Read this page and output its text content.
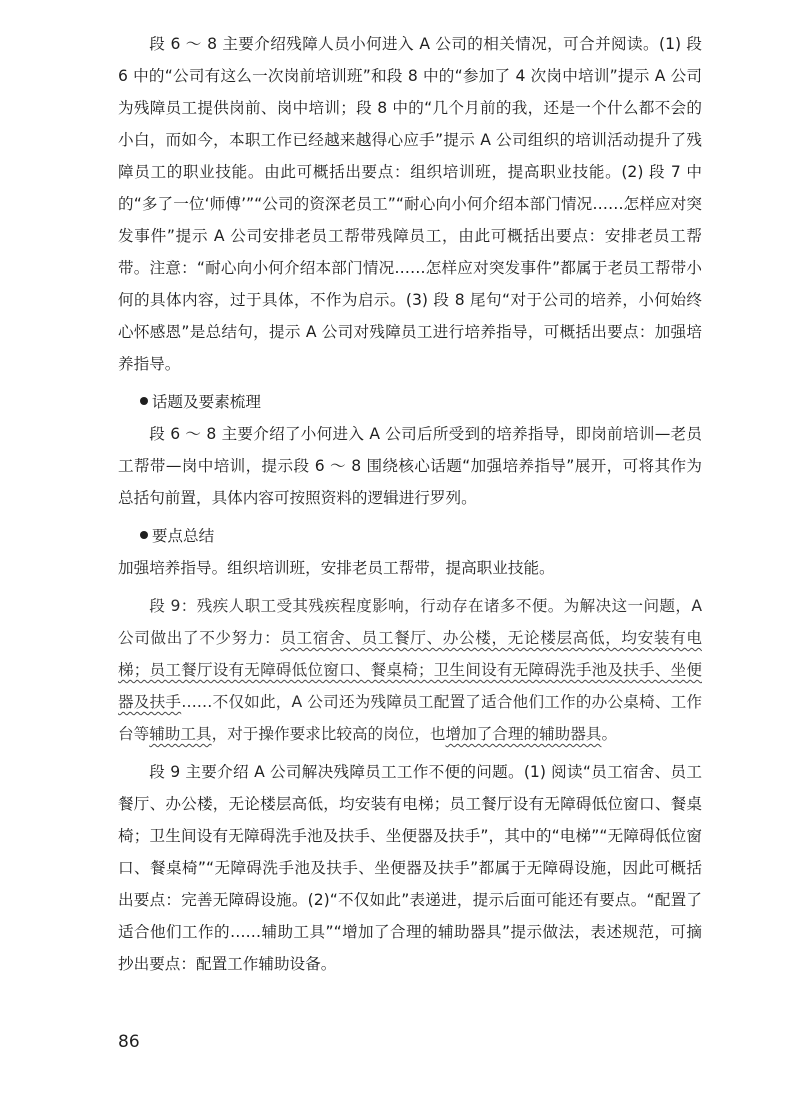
段 6 ～ 8 主要介绍残障人员小何进入 A 公司的相关情况，可合并阅读。(1) 段 6 中的“公司有这么一次岗前培训班”和段 8 中的“参加了 4 次岗中培训”提示 A 公司为残障员工提供岗前、岗中培训；段 8 中的“几个月前的我，还是一个什么都不会的小白，而如今，本职工作已经越来越得心应手”提示 A 公司组织的培训活动提升了残障员工的职业技能。由此可概括出要点：组织培训班，提高职业技能。(2) 段 7 中的“多了一位‘师傅’”“公司的资深老员工”“耐心向小何介绍本部门情况……怎样应对突发事件”提示 A 公司安排老员工帮带残障员工，由此可概括出要点：安排老员工帮带。注意：“耐心向小何介绍本部门情况……怎样应对突发事件”都属于老员工帮带小何的具体内容，过于具体，不作为启示。(3) 段 8 尾句“对于公司的培养，小何始终心怀感恩”是总结句，提示 A 公司对残障员工进行培养指导，可概括出要点：加强培养指导。

话题及要素梳理

段 6 ～ 8 主要介绍了小何进入 A 公司后所受到的培养指导，即岗前培训—老员工帮带—岗中培训，提示段 6 ～ 8 围绕核心话题“加强培养指导”展开，可将其作为总括句前置，具体内容可按照资料的逻辑进行罗列。

要点总结

加强培养指导。组织培训班，安排老员工帮带，提高职业技能。

段 9：残疾人职工受其残疾程度影响，行动存在诸多不便。为解决这一问题，A 公司做出了不少努力：员工宿舍、员工餐厅、办公楼，无论楼层高低，均安装有电梯；员工餐厅设有无障碍低位窗口、餐桌椅；卫生间设有无障碍洗手池及扶手、坐便器及扶手……不仅如此，A 公司还为残障员工配置了适合他们工作的办公桌椅、工作台等辅助工具，对于操作要求比较高的岗位，也增加了合理的辅助器具。

段 9 主要介绍 A 公司解决残障员工工作不便的问题。(1) 阅读“员工宿舍、员工餐厅、办公楼，无论楼层高低，均安装有电梯；员工餐厅设有无障碍低位窗口、餐桌椅；卫生间设有无障碍洗手池及扶手、坐便器及扶手”，其中的“电梯”“无障碍低位窗口、餐桌椅”“无障碍洗手池及扶手、坐便器及扶手”都属于无障碍设施，因此可概括出要点：完善无障碍设施。(2)“不仅如此”表递进，提示后面可能还有要点。“配置了适合他们工作的……辅助工具”“增加了合理的辅助器具”提示做法，表述规范，可摘抄出要点：配置工作辅助设备。

86
